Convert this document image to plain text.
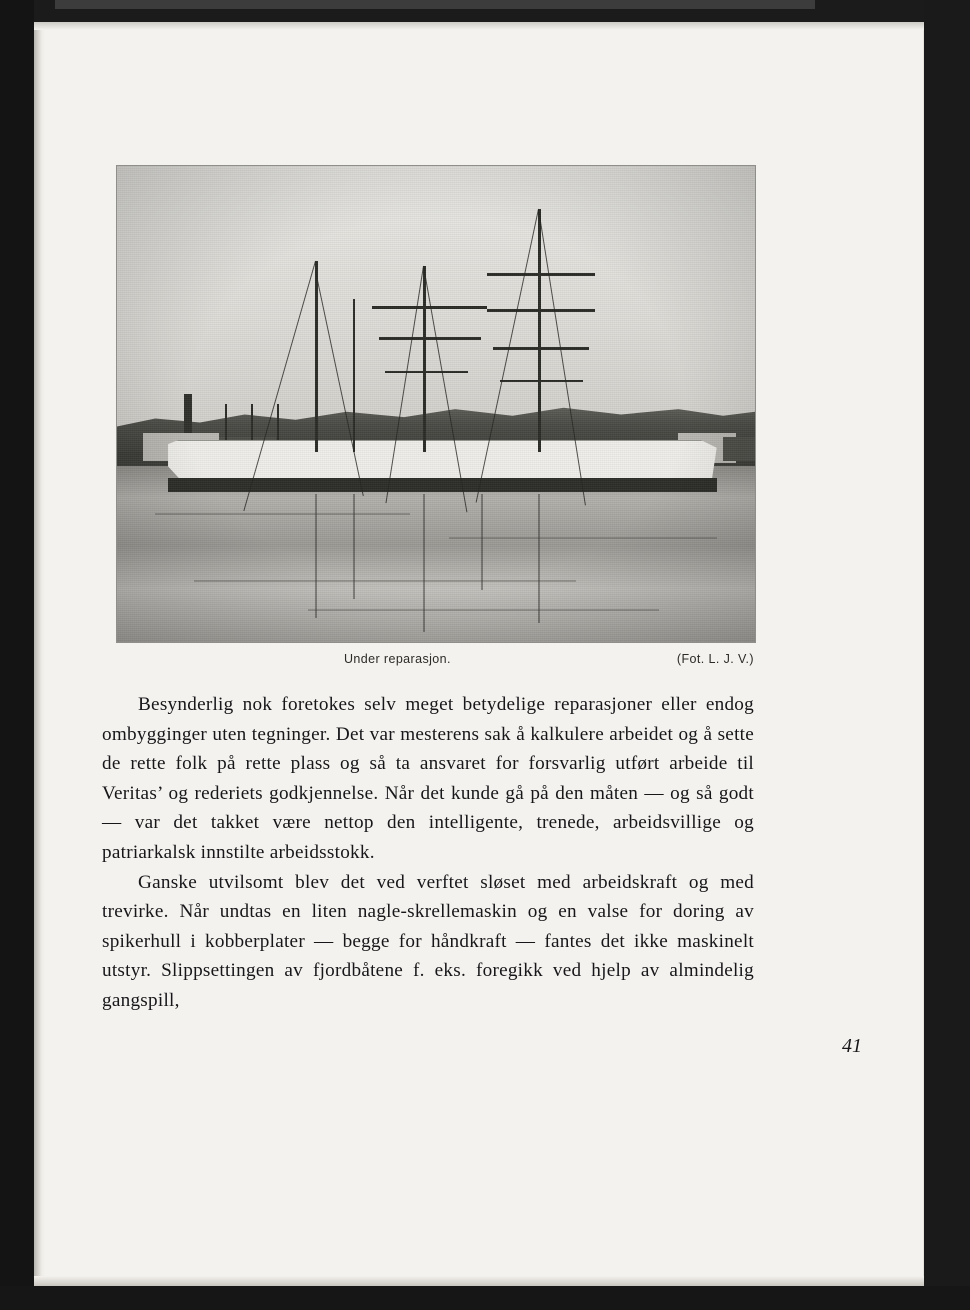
Under reparasjon.	(Fot. L. J. V.)

Besynderlig nok foretokes selv meget betydelige reparasjoner eller endog ombygginger uten tegninger. Det var mesterens sak å kalkulere arbeidet og å sette de rette folk på rette plass og så ta ansvaret for forsvarlig utført arbeide til Veritas’ og rederiets godkjennelse. Når det kunde gå på den måten — og så godt — var det takket være nettop den intelligente, trenede, arbeidsvillige og patriarkalsk innstilte arbeidsstokk.

Ganske utvilsomt blev det ved verftet sløset med arbeidskraft og med trevirke. Når undtas en liten nagle-skrellemaskin og en valse for doring av spikerhull i kobberplater — begge for håndkraft — fantes det ikke maskinelt utstyr. Slippsettingen av fjordbåtene f. eks. foregikk ved hjelp av almindelig gangspill,

41
